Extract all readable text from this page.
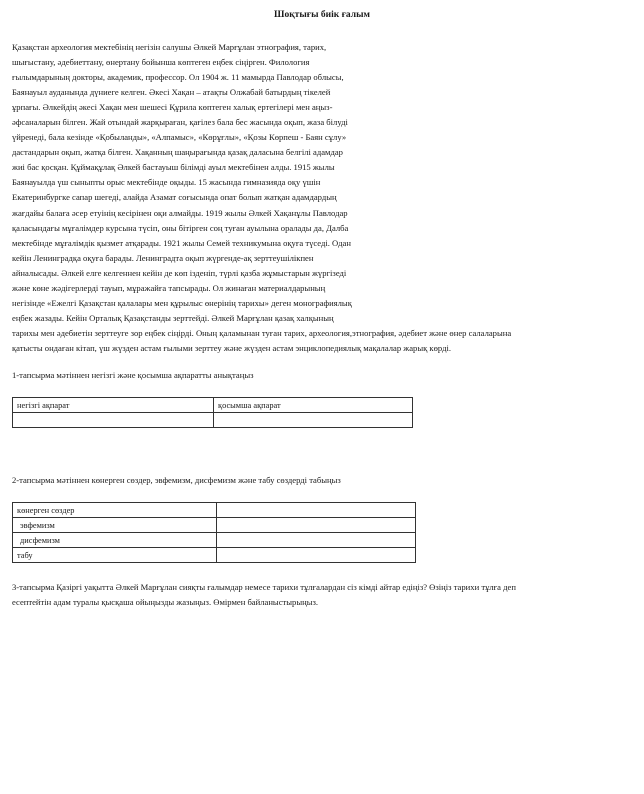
Шоқтығы биік ғалым
Қазақстан археология мектебінің негізін салушы Әлкей Марғұлан этнография, тарих,
шығыстану, әдебиеттану, өнертану бойынша көптеген еңбек сіңірген. Филология
ғылымдарының докторы, академик, профессор. Ол 1904 ж. 11 мамырда Павлодар облысы,
Баянауыл ауданында дүниеге келген. Әкесі Хақан – атақты Олжабай батырдың тікелей
ұрпағы. Әлкейдің әкесі Хақан мен шешесі Құрила көптеген халық ертегілері мен аңыз-
әфсаналарын білген. Жай отындай жарқыраған, қағілез бала бес жасында оқып, жаза білуді
үйренеді, бала кезінде «Қобыланды», «Алпамыс», «Көрұғлы», «Қозы Көрпеш - Баян сұлу»
дастандарын оқып, жатқа білген. Хақанның шаңырағында қазақ даласына белгілі адамдар
жиі бас қосқан. Құймақұлақ Әлкей бастауыш білімді ауыл мектебінен алды. 1915 жылы
Баянауылда үш сыныпты орыс мектебінде оқыды. 15 жасында гимназияда оқу үшін
Екатеринбургке сапар шегеді, алайда Азамат соғысында опат болып жатқан адамдардың
жағдайы балаға әсер етуінің кесірінен оқи алмайды. 1919 жылы Әлкей Хақанұлы Павлодар
қаласындағы мұғалімдер курсына түсіп, оны бітірген соң туған ауылына оралады да, Далба
мектебінде мұғалімдік қызмет атқарады. 1921 жылы Семей техникумына оқуға түседі. Одан
кейін Ленинградқа оқуға барады. Ленинградта оқып жүргенде-ақ зерттеушілікпен
айналысады. Әлкей елге келгеннен кейін де көп ізденіп, түрлі қазба жұмыстарын жүргізеді
және көне жәдігерлерді тауып, мұражайға тапсырады. Ол жинаған материалдарының
негізінде «Ежелгі Қазақстан қалалары мен құрылыс өнерінің тарихы» деген монографиялық
еңбек жазады. Кейін Орталық Қазақстанды зерттейді. Әлкей Марғұлан қазақ халқының
тарихы мен әдебиетін зерттеуге зор еңбек сіңірді. Оның қаламынан туған тарих, археология,этнография, әдебиет және өнер салаларына
қатысты ондаған кітап, үш жүзден астам ғылыми зерттеу және жүзден астам энциклопедиялық мақалалар жарық көрді.
1-тапсырма мәтіннен негізгі және қосымша ақпаратты анықтаңыз
негізгі ақпарат	қосымша ақпарат

2-тапсырма мәтіннен көнерген сөздер, эвфемизм, дисфемизм және табу сөздерді табыңыз
көнерген сөздер	
эвфемизм	
дисфемизм	
табу	
3-тапсырма Қазіргі уақытта Әлкей Марғұлан сияқты ғалымдар немесе тарихи тұлғалардан сіз кімді айтар едіңіз? Өзіңіз тарихи тұлға деп
есептейтін адам туралы қысқаша ойыңызды жазыңыз. Өмірмен байланыстырыңыз.
